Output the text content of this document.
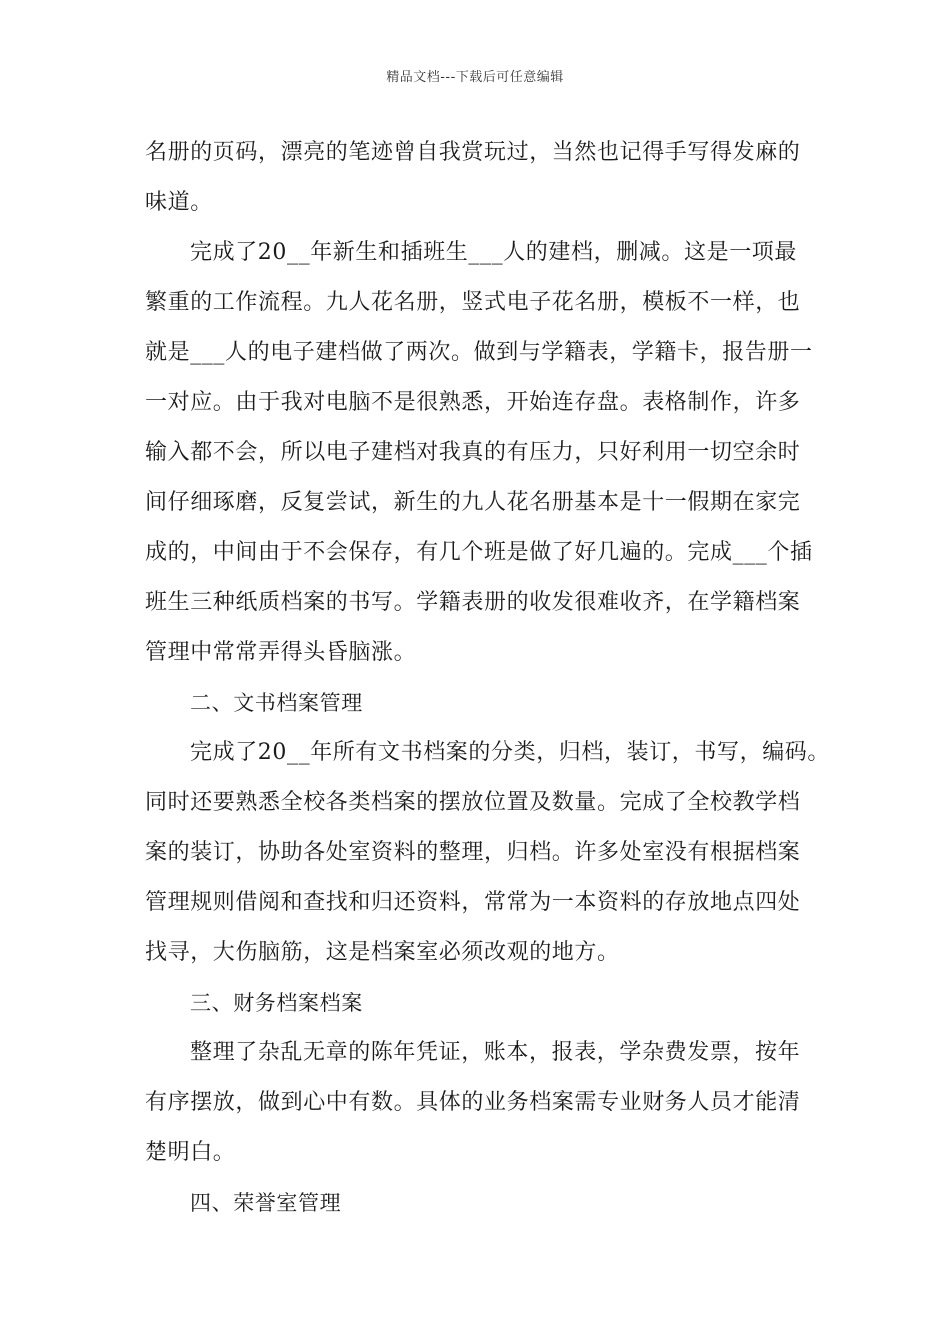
精品文档---下载后可任意编辑
名册的页码，漂亮的笔迹曾自我赏玩过，当然也记得手写得发麻的
味道。
完成了20__年新生和插班生___人的建档，删减。这是一项最
繁重的工作流程。九人花名册，竖式电子花名册，模板不一样，也
就是___人的电子建档做了两次。做到与学籍表，学籍卡，报告册一
一对应。由于我对电脑不是很熟悉，开始连存盘。表格制作，许多
输入都不会，所以电子建档对我真的有压力，只好利用一切空余时
间仔细琢磨，反复尝试，新生的九人花名册基本是十一假期在家完
成的，中间由于不会保存，有几个班是做了好几遍的。完成___个插
班生三种纸质档案的书写。学籍表册的收发很难收齐，在学籍档案
管理中常常弄得头昏脑涨。
二、文书档案管理
完成了20__年所有文书档案的分类，归档，装订，书写，编码。
同时还要熟悉全校各类档案的摆放位置及数量。完成了全校教学档
案的装订，协助各处室资料的整理，归档。许多处室没有根据档案
管理规则借阅和查找和归还资料，常常为一本资料的存放地点四处
找寻，大伤脑筋，这是档案室必须改观的地方。
三、财务档案档案
整理了杂乱无章的陈年凭证，账本，报表，学杂费发票，按年
有序摆放，做到心中有数。具体的业务档案需专业财务人员才能清
楚明白。
四、荣誉室管理
